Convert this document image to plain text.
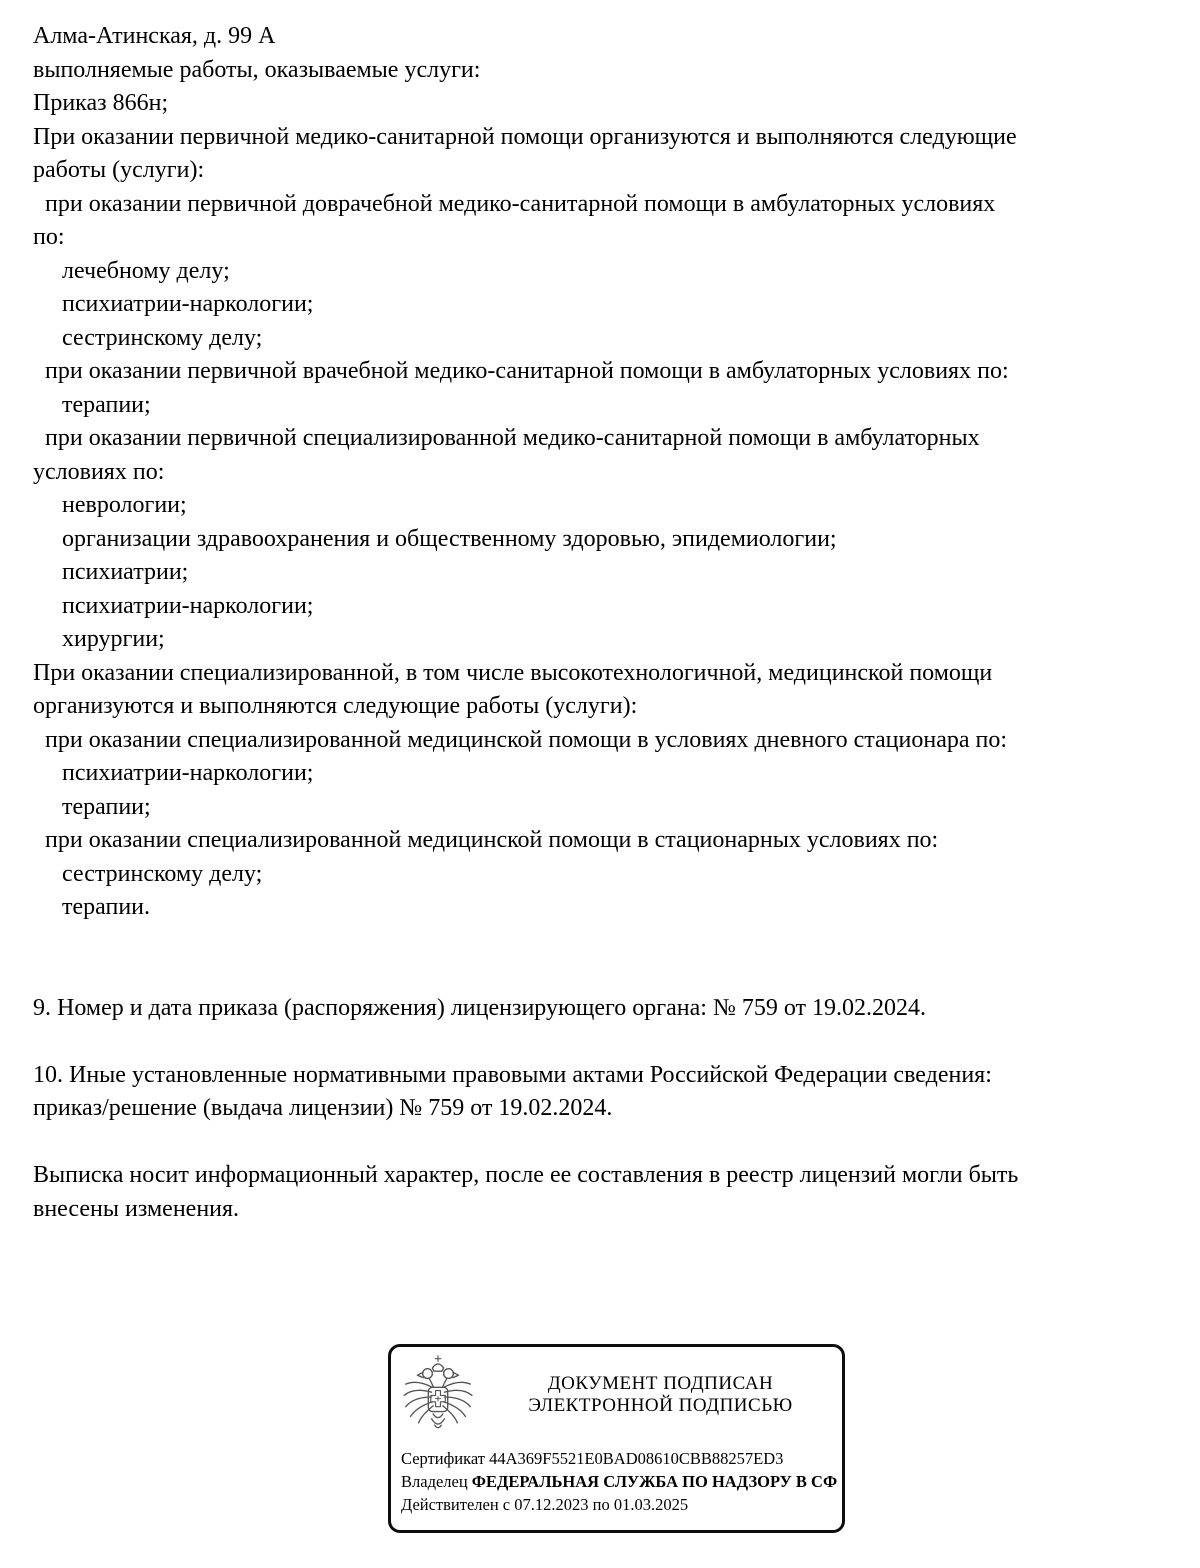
Алма-Атинская, д. 99 А
выполняемые работы, оказываемые услуги:
Приказ 866н;
При оказании первичной медико-санитарной помощи организуются и выполняются следующие
работы (услуги):
при оказании первичной доврачебной медико-санитарной помощи в амбулаторных условиях
по:
лечебному делу;
психиатрии-наркологии;
сестринскому делу;
при оказании первичной врачебной медико-санитарной помощи в амбулаторных условиях по:
терапии;
при оказании первичной специализированной медико-санитарной помощи в амбулаторных
условиях по:
неврологии;
организации здравоохранения и общественному здоровью, эпидемиологии;
психиатрии;
психиатрии-наркологии;
хирургии;
При оказании специализированной, в том числе высокотехнологичной, медицинской помощи
организуются и выполняются следующие работы (услуги):
при оказании специализированной медицинской помощи в условиях дневного стационара по:
психиатрии-наркологии;
терапии;
при оказании специализированной медицинской помощи в стационарных условиях по:
сестринскому делу;
терапии.

9. Номер и дата приказа (распоряжения) лицензирующего органа: № 759 от 19.02.2024.

10. Иные установленные нормативными правовыми актами Российской Федерации сведения:
приказ/решение (выдача лицензии) № 759 от 19.02.2024.

Выписка носит информационный характер, после ее составления в реестр лицензий могли быть
внесены изменения.
ДОКУМЕНТ ПОДПИСАН
ЭЛЕКТРОННОЙ ПОДПИСЬЮ
Сертификат 44A369F5521E0BAD08610CBB88257ED3
Владелец ФЕДЕРАЛЬНАЯ СЛУЖБА ПО НАДЗОРУ В СФ
Действителен с 07.12.2023 по 01.03.2025
